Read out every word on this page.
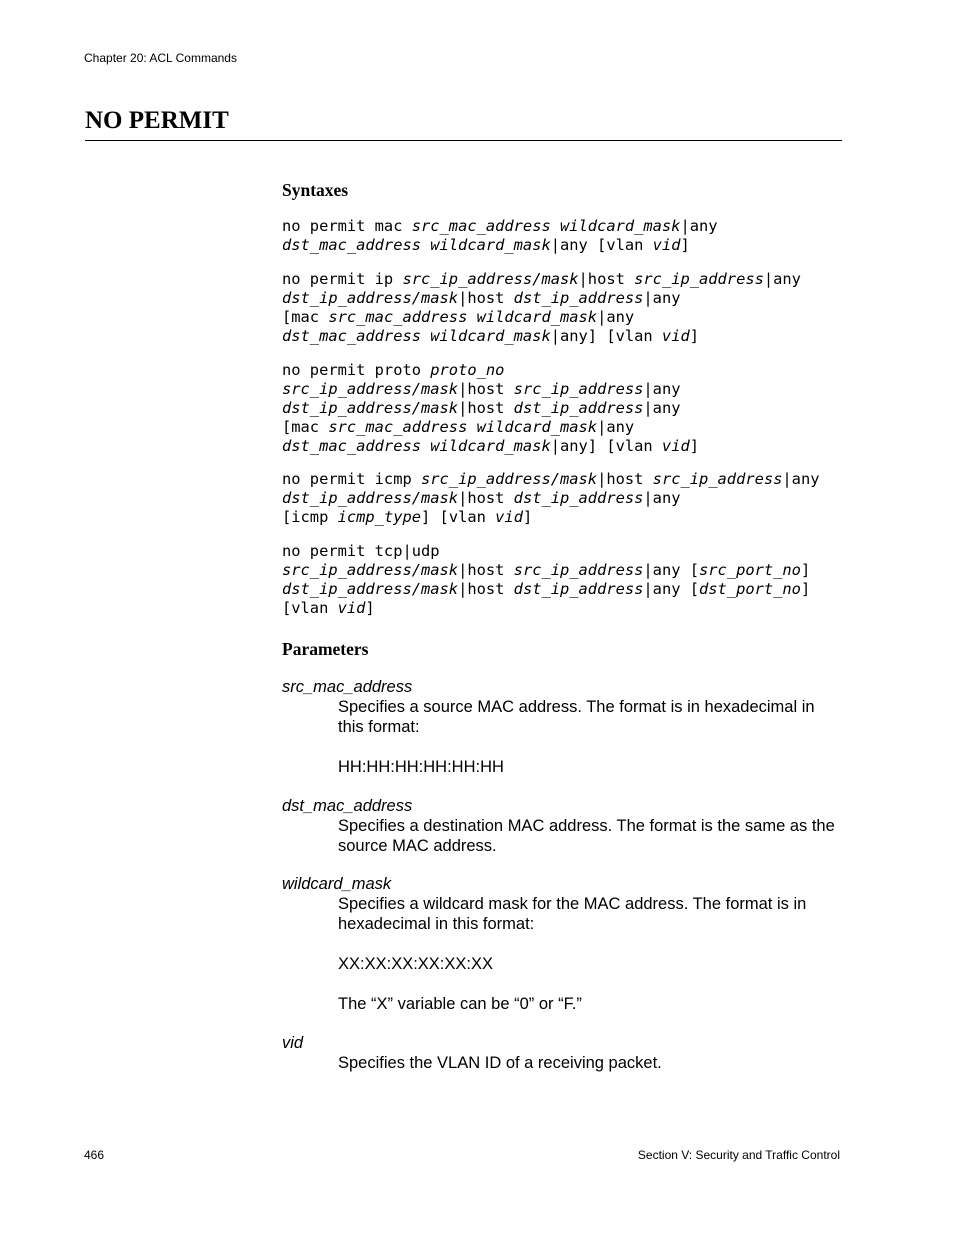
Chapter 20: ACL Commands
NO PERMIT
Syntaxes
no permit mac src_mac_address wildcard_mask|any
dst_mac_address wildcard_mask|any [vlan vid]
no permit ip src_ip_address/mask|host src_ip_address|any
dst_ip_address/mask|host dst_ip_address|any
[mac src_mac_address wildcard_mask|any
dst_mac_address wildcard_mask|any] [vlan vid]
no permit proto proto_no
src_ip_address/mask|host src_ip_address|any
dst_ip_address/mask|host dst_ip_address|any
[mac src_mac_address wildcard_mask|any
dst_mac_address wildcard_mask|any] [vlan vid]
no permit icmp src_ip_address/mask|host src_ip_address|any
dst_ip_address/mask|host dst_ip_address|any
[icmp icmp_type] [vlan vid]
no permit tcp|udp
src_ip_address/mask|host src_ip_address|any [src_port_no]
dst_ip_address/mask|host dst_ip_address|any [dst_port_no]
[vlan vid]
Parameters
src_mac_address

Specifies a source MAC address. The format is in hexadecimal in this format:

HH:HH:HH:HH:HH:HH

dst_mac_address

Specifies a destination MAC address. The format is the same as the source MAC address.

wildcard_mask

Specifies a wildcard mask for the MAC address. The format is in hexadecimal in this format:

XX:XX:XX:XX:XX:XX

The “X” variable can be “0” or “F.”

vid

Specifies the VLAN ID of a receiving packet.

466	Section V: Security and Traffic Control
